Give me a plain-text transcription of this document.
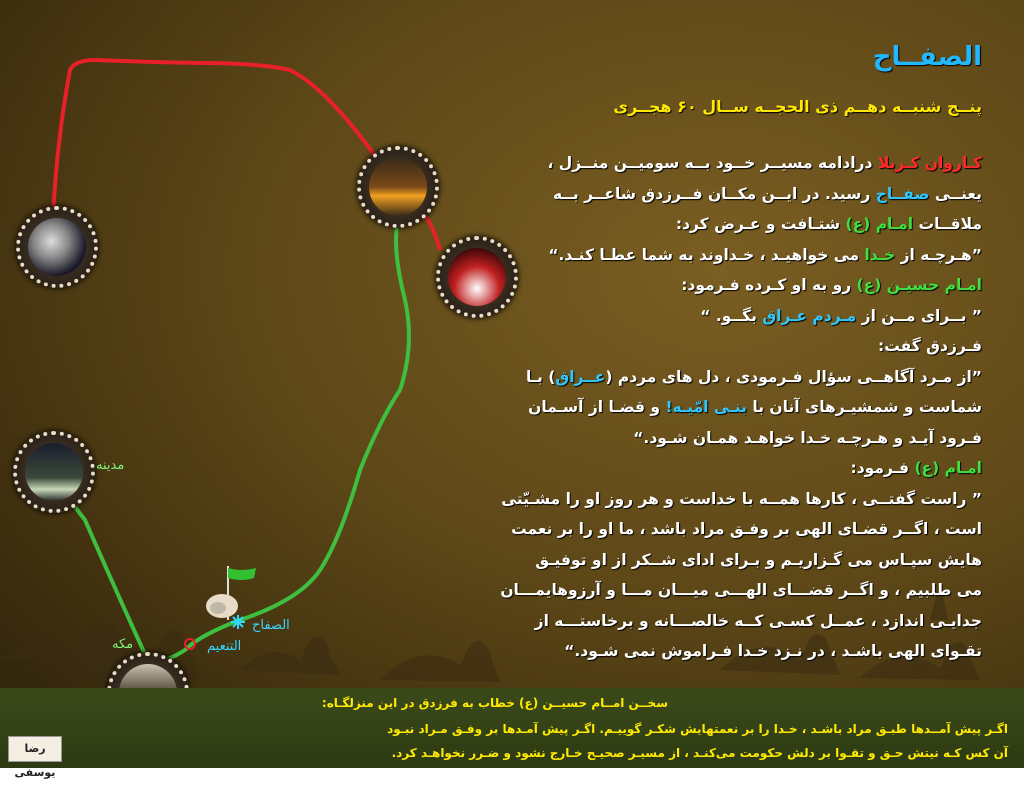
مدینه
مکه	التنعیم
الصفاح
الصفــاح
پنــج شنبــه دهــم ذی الحجــه ســال ۶۰ هجــری
کـاروان کـربلا درادامه مسیــر خــود بــه سومیــن منــزل ،
یعنــی صفــاح رسید. در ایــن مکــان فــرزدق شاعــر بــه
ملاقــات امـام (ع) شتـافت و عـرض کرد:
”هـرچـه از خـدا می خواهیـد ، خـداوند به شما عطـا کنـد.“
امـام حسیـن (ع) رو به او کـرده فـرمود:
” بــرای مــن از مـردم عـراق بگــو. “
فـرزدق گفت:
”از مـرد آگاهــی سؤال فـرمودی ، دل های مردم (عــراق) بـا
شماست و شمشیـرهای آنان با بنـی امّیـه! و قضـا از آسـمان
فـرود آیـد و هـرچـه خـدا خواهـد همـان شـود.“
امـام (ع) فـرمود:
” راست گفتــی ، کارها همــه با خداست و هر روز او را مشـیّتی
است ، اگــر قضـای الهی بر وفـق مراد باشد ، ما او را بر نعمت
هایش سپـاس می گـزاریـم و بـرای ادای شــکر از او توفیـق
می طلبیم ، و اگــر قضـــای الهـــی میـــان مـــا و آرزوهایمـــان
جدایـی اندازد ، عمــل کسـی کــه خالصـــانه و برخاستـــه از
تقـوای الهی باشـد ، در نـزد خـدا فـراموش نمی شـود.“
سخــن امــام حسیــن (ع) خطاب به فرزدق در این منزلگـاه:
اگـر پیش آمــدها طبـق مراد باشـد ، خـدا را بر نعمتهایش شکـر گوییـم. اگـر پیش آمـدها بر وفـق مـراد نبـود
آن کس کـه نیتش حـق و تقـوا بر دلش حکومت می‌کنـد ، از مسیـر صحیـح خـارج نشود و ضـرر نخواهـد کرد.
رضا یوسفی
